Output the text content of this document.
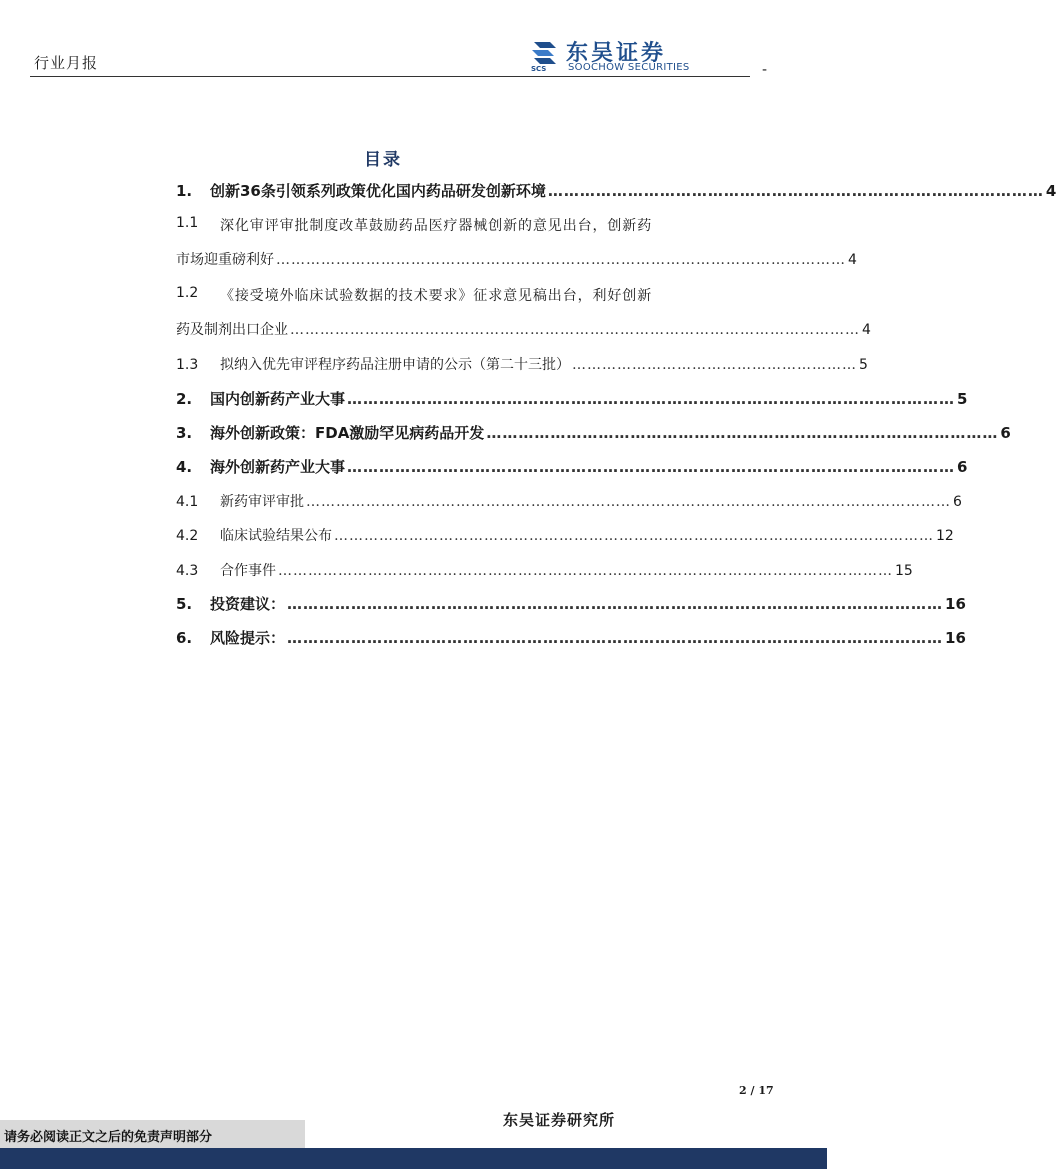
行业月报	-
SCS
东吴证券
SOOCHOW SECURITIES
目录
1.	创新36条引领系列政策优化国内药品研发创新环境 ………………………………………………………………………………… 4
1.1	深化审评审批制度改革鼓励药品医疗器械创新的意见出台，创新药
市场迎重磅利好 …………………………………………………………………………………………………… 4
1.2	《接受境外临床试验数据的技术要求》征求意见稿出台，利好创新
药及制剂出口企业 …………………………………………………………………………………………………… 4
1.3	拟纳入优先审评程序药品注册申请的公示（第二十三批） ………………………………………………… 5
2.	国内创新药产业大事 …………………………………………………………………………………………………… 5
3.	海外创新政策：FDA激励罕见病药品开发 …………………………………………………………………………………… 6
4.	海外创新药产业大事 …………………………………………………………………………………………………… 6
4.1	新药审评审批 ………………………………………………………………………………………………………………… 6
4.2	临床试验结果公布 ………………………………………………………………………………………………………… 12
4.3	合作事件 …………………………………………………………………………………………………………… 15
5.	投资建议： …………………………………………………………………………………………………………… 16
6.	风险提示： …………………………………………………………………………………………………………… 16
2 / 17
东吴证券研究所
请务必阅读正文之后的免责声明部分
